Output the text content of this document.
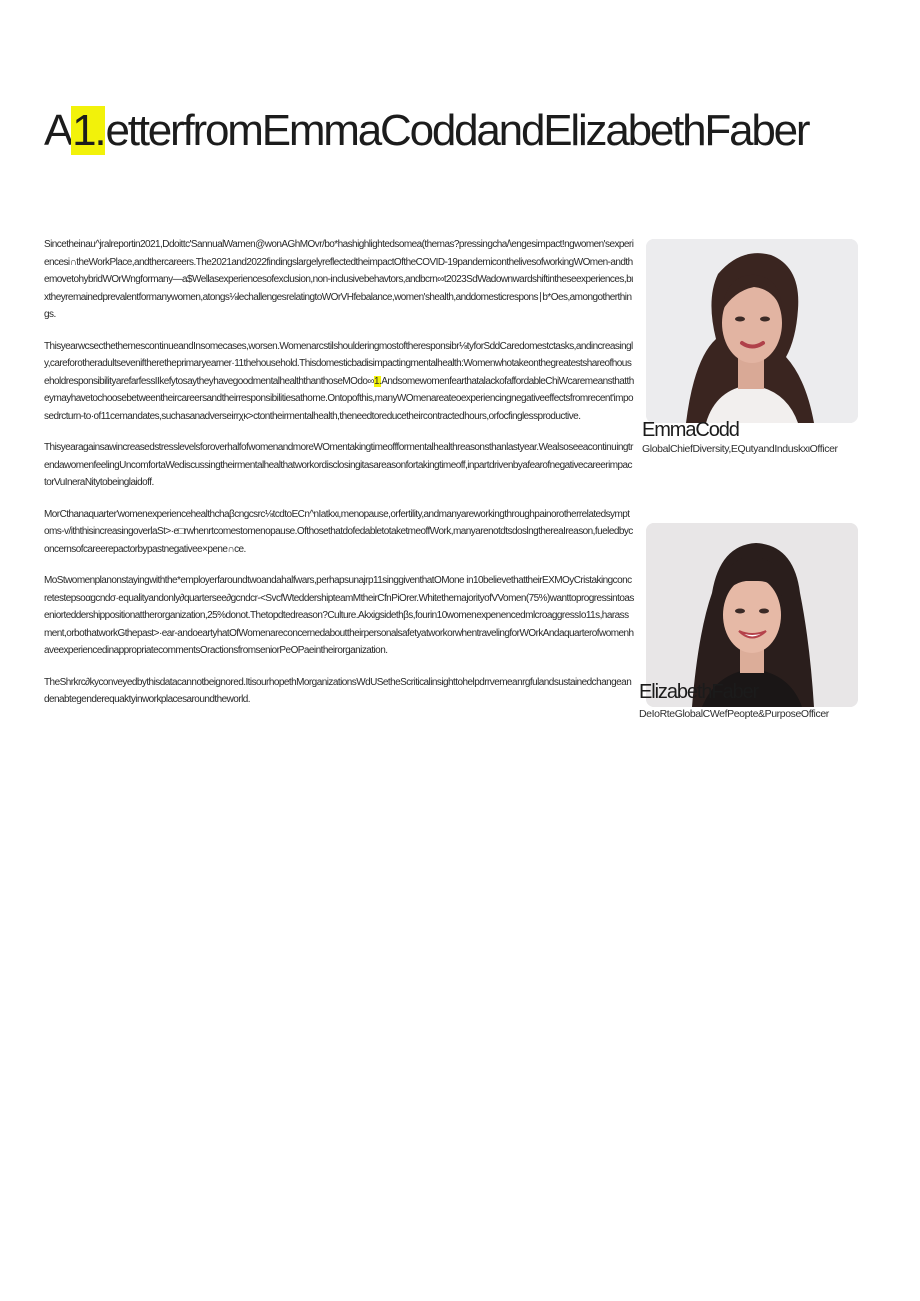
A1.etterfromEmmaCoddandElizabethFaber

Sincetheinau^jralreportin2021,Ddoittc'SannualWamen@wonAGhMOvr/bo*hashighlightedsomea(themas?pressingcha/\engesimpact!ngwomen'sexperiencesi∩theWorkPlace,andthercareers.The2021and2022findingslargelyreflectedtheimpactOftheCOVID-19pandemiconthelivesofworkingWOmen-andthemovetohybridWOrWngformany—a$Wellasexperiencesofexclusion,non-inclusivebehavtors,andbcrn∞t2023SdWadownwardshiftintheseexperiences,bιxtheyremainedprevalentformanywomen,atongs⅛lechallengesrelatingtoWOrVHfebalance,women'shealth,anddomesticrespons∣b*Oes,amongotherthings.

ThisyearwcsecthethemescontinueandInsomecases,worsen.Womenarcstilshoulderingmostoftheresponsibr⅛tyforSddCaredomestctasks,andincreasingly,careforotheradultseveniftheretheprimaryearner·11thehousehold.Thisdomesticbadisimpactingmentalhealth:WomenwhotakeonthegreatestshareofhouseholdresponsibilityarefarfessIIkefytosaytheyhavegoodmentalhealththanthoseMOdo∞1.AndsomewomenfearthatalackofaffordableChiWcaremeansthattheymayhavetochoosebetweentheircareersandtheirresponsibilitiesathome.Ontopofthis,manyWOmenareateoexperiencingnegativeeffectsfromrecent'imposedrcturn-to·of11cemandates,suchasanadverseirrχκ>ctontheirmentalhealth,theneedtoreducetheircontractedhours,orfocfinglessproductive.

ThisyearagainsawincreasedstresslevelsforoverhalfofwomenandmoreWOmentakingtimeoffformentalhealthreasonsthanlastyear.WealsoseeacontinuingtrendawomenfeelingUncomfortaWediscussingtheirmentalhealthatworkordisclosingitasareasonfortakingtimeoff,inpartdrivenbyafearofnegativecareerimpactorVuIneraNitytobeinglaidoff.

MorCthanaquarter'womenexperiencehealthchaβcngcsrc⅛tcdtoECn^nIatkxι,menopause,orfertility,andmanyareworkingthroughpainorotherrelatedsymptoms-v/iththisincreasingoverlaSt>·e□rwhenrtcomestomenopause.OfthosethatdofedabletotaketmeoffWork,manyarenotdtsdoslngthereaIreason,fueledbyconcernsofcareerepactorbypastnegativee×pene∩ce.

MoStwomenplanonstayingwiththe*employerfaroundtwoandahalfwars,perhapsunajrp11singgiventhatOMone in10believethattheirEXMOyCristakingconcretestepsoαgcndσ·equalityandonly∂quartersee∂gcndcr-<SvcfWteddershipteamMtheirCfnPiOrer.WhitethemajorityofVVomen(75%)wanttoprogressintoaseniorteddershippositionattherorganization,25%donot.Thetopdtedreason?Culture.Akxigsidethβs,fourin10womenexpenencedmlcroaggressIo11s,harassment,orbothatworkGthepast>·ear-andoeartyhatOfWomenareconcernedabouttheirpersonalsafetyatworkorwhentravelingforWOrkAndaquarterofwomenhaveexperiencedinappropriatecommentsOractionsfromseniorPeOPaeintheirorganization.

TheShrkrc∂kyconveyedbythisdatacannotbeignored.ItisourhopethMorganizationsWdUSetheScriticalinsighttohelpdrrvemeanrgfulandsustainedchangeandenabtegenderequaktyinworkplacesaroundtheworld.

EmmaCodd
GlobalChiefDiversity,EQutyandInduskxιOfficer
ElizabethFaber
DeIoRteGlobalCWefPeopte&PurposeOfficer
